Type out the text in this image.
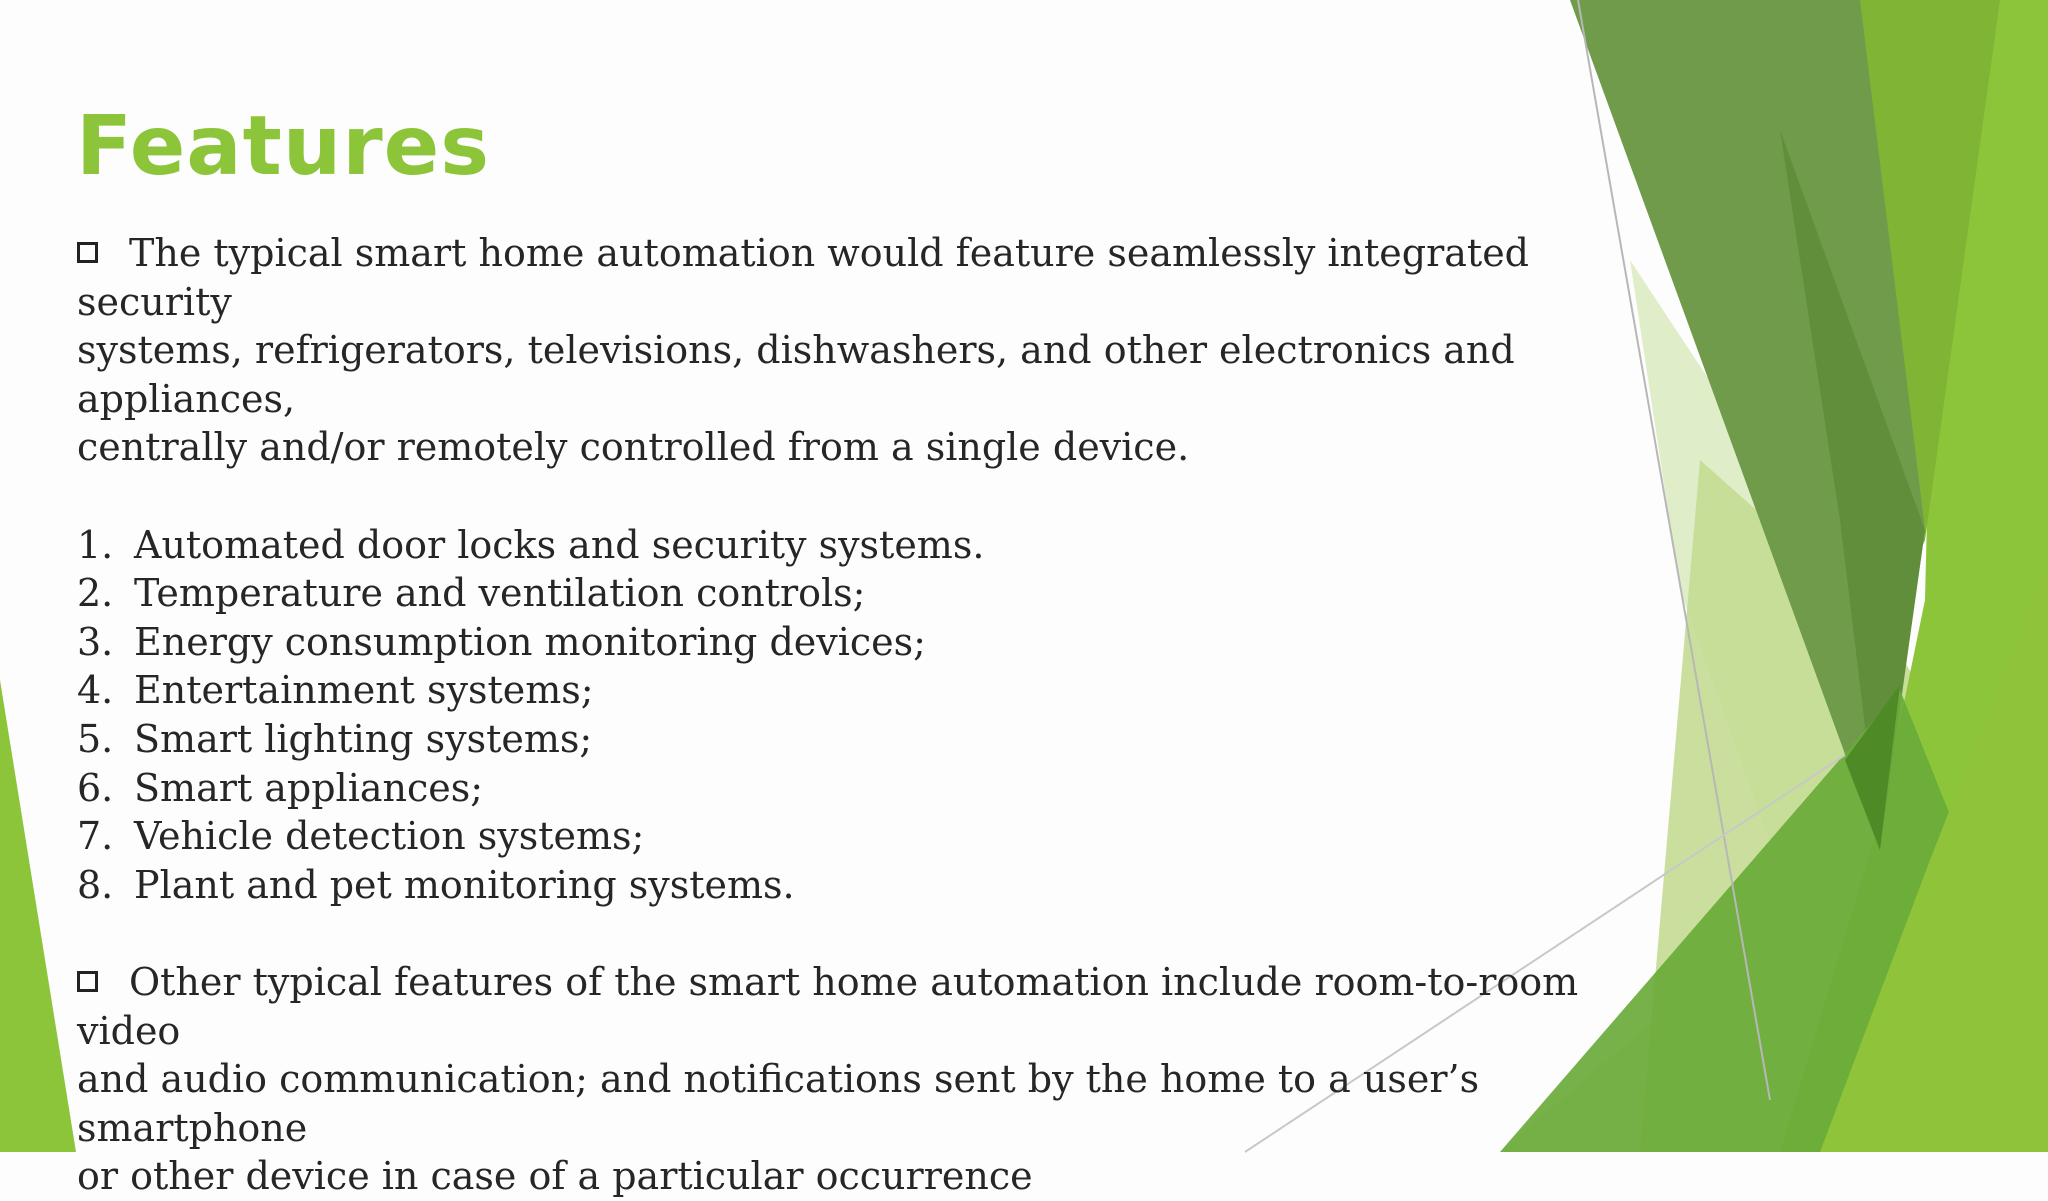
Features

The typical smart home automation would feature seamlessly integrated security
systems, refrigerators, televisions, dishwashers, and other electronics and appliances,
centrally and/or remotely controlled from a single device.

1. Automated door locks and security systems.
2. Temperature and ventilation controls;
3. Energy consumption monitoring devices;
4. Entertainment systems;
5. Smart lighting systems;
6. Smart appliances;
7. Vehicle detection systems;
8. Plant and pet monitoring systems.

Other typical features of the smart home automation include room-to-room video
and audio communication; and notifications sent by the home to a user’s smartphone
or other device in case of a particular occurrence
